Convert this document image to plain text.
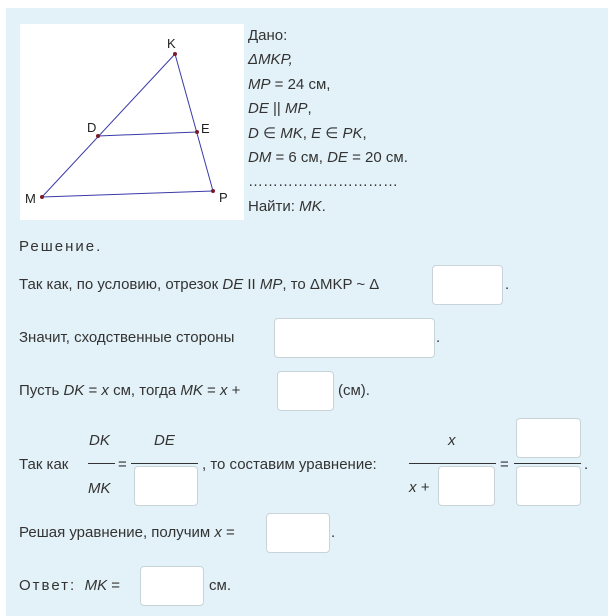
K
D	E
M	P
Дано:
ΔMKP,
MP = 24 см,
DE || MP,
D ∈ MK, E ∈ PK,
DM = 6 см, DE = 20 см.
…………………………
Найти: MK.
Решение.
Так как, по условию, отрезок DE II MP, то ΔMKP ~ Δ	.
Значит, сходственные стороны	.
Пусть DK = x см, тогда MK = x +	(см).
Так как
DK
MK
=
DE
, то составим уравнение:
x
x +
=	.
Решая уравнение, получим x =	.
Ответ: MK =	см.
